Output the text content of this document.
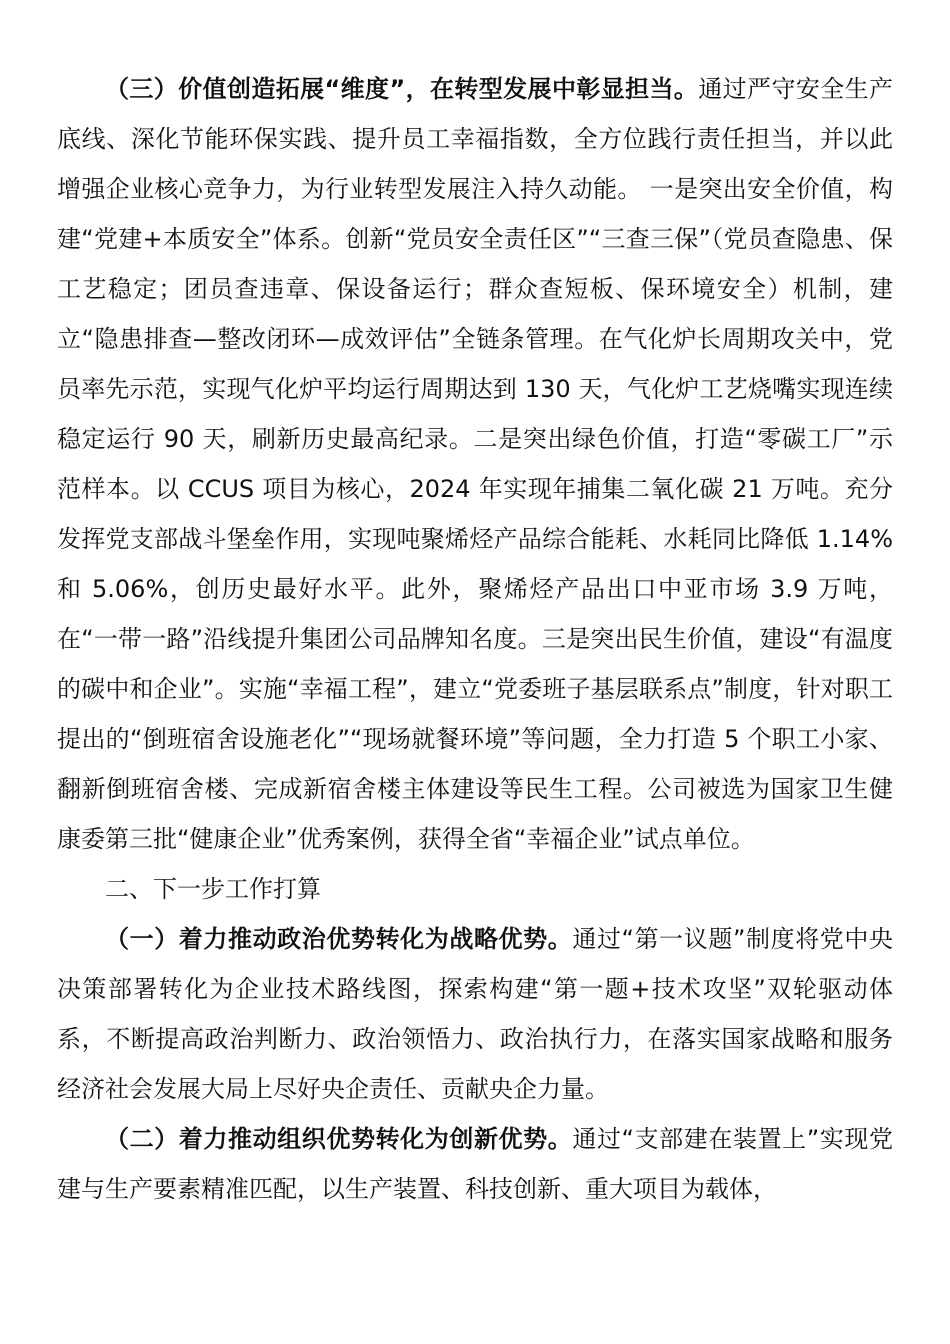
（三）价值创造拓展“维度”，在转型发展中彰显担当。通过严守安全生产底线、深化节能环保实践、提升员工幸福指数，全方位践行责任担当，并以此增强企业核心竞争力，为行业转型发展注入持久动能。 一是突出安全价值，构建“党建+本质安全”体系。创新“党员安全责任区”“三查三保”（党员查隐患、保工艺稳定；团员查违章、保设备运行；群众查短板、保环境安全）机制，建立“隐患排查—整改闭环—成效评估”全链条管理。在气化炉长周期攻关中，党员率先示范，实现气化炉平均运行周期达到 130 天，气化炉工艺烧嘴实现连续稳定运行 90 天，刷新历史最高纪录。二是突出绿色价值，打造“零碳工厂”示范样本。以 CCUS 项目为核心，2024 年实现年捕集二氧化碳 21 万吨。充分发挥党支部战斗堡垒作用，实现吨聚烯烃产品综合能耗、水耗同比降低 1.14%和 5.06%，创历史最好水平。此外，聚烯烃产品出口中亚市场 3.9 万吨，在“一带一路”沿线提升集团公司品牌知名度。三是突出民生价值，建设“有温度的碳中和企业”。实施“幸福工程”，建立“党委班子基层联系点”制度，针对职工提出的“倒班宿舍设施老化”“现场就餐环境”等问题，全力打造 5 个职工小家、翻新倒班宿舍楼、完成新宿舍楼主体建设等民生工程。公司被选为国家卫生健康委第三批“健康企业”优秀案例，获得全省“幸福企业”试点单位。

二、下一步工作打算

（一）着力推动政治优势转化为战略优势。通过“第一议题”制度将党中央决策部署转化为企业技术路线图，探索构建“第一题+技术攻坚”双轮驱动体系，不断提高政治判断力、政治领悟力、政治执行力，在落实国家战略和服务经济社会发展大局上尽好央企责任、贡献央企力量。

（二）着力推动组织优势转化为创新优势。通过“支部建在装置上”实现党建与生产要素精准匹配，以生产装置、科技创新、重大项目为载体，
